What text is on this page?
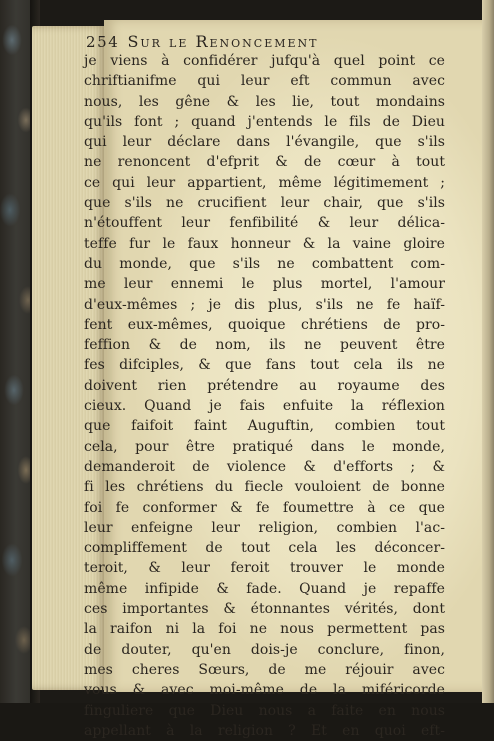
254 Sur le Renoncement
je viens à confidérer jufqu'à quel point ce
chriftianifme qui leur eft commun avec
nous, les gêne & les lie, tout mondains
qu'ils font ; quand j'entends le fils de Dieu
qui leur déclare dans l'évangile, que s'ils
ne renoncent d'efprit & de cœur à tout
ce qui leur appartient, même légitimement ;
que s'ils ne crucifient leur chair, que s'ils
n'étouffent leur fenfibilité & leur délica-
teffe fur le faux honneur & la vaine gloire
du monde, que s'ils ne combattent com-
me leur ennemi le plus mortel, l'amour
d'eux-mêmes ; je dis plus, s'ils ne fe haïf-
fent eux-mêmes, quoique chrétiens de pro-
feffion & de nom, ils ne peuvent être
fes difciples, & que fans tout cela ils ne
doivent rien prétendre au royaume des
cieux. Quand je fais enfuite la réflexion
que faifoit faint Auguftin, combien tout
cela, pour être pratiqué dans le monde,
demanderoit de violence & d'efforts ; &
fi les chrétiens du fiecle vouloient de bonne
foi fe conformer & fe foumettre à ce que
leur enfeigne leur religion, combien l'ac-
compliffement de tout cela les déconcer-
teroit, & leur feroit trouver le monde
même infipide & fade. Quand je repaffe
ces importantes & étonnantes vérités, dont
la raifon ni la foi ne nous permettent pas
de douter, qu'en dois-je conclure, finon,
mes cheres Sœurs, de me réjouir avec
vous & avec moi-même de la miféricorde
finguliere que Dieu nous a faite en nous
appellant à la religion ? Et en quoi eft-
